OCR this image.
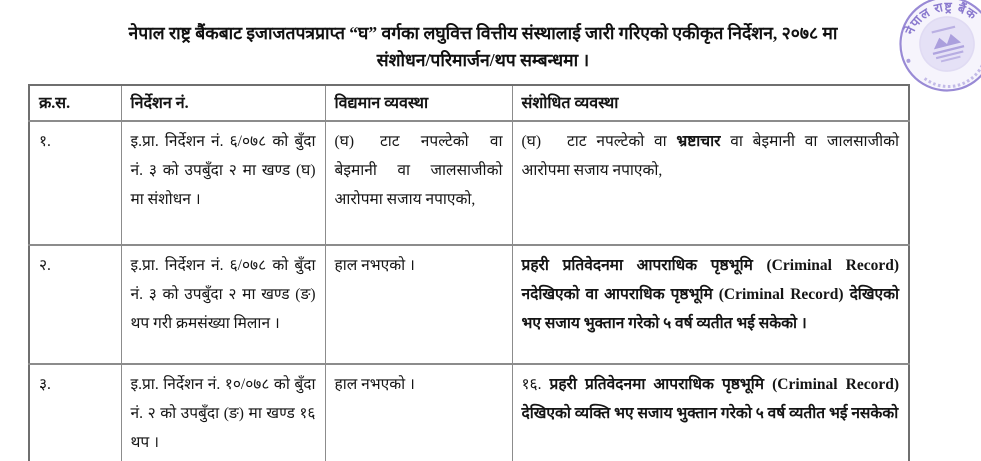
नेपाल राष्ट्र बैंकबाट इजाजतपत्रप्राप्त “घ” वर्गका लघुवित्त वित्तीय संस्थालाई जारी गरिएको एकीकृत निर्देशन, २०७८ मा
संशोधन/परिमार्जन/थप सम्बन्धमा ।
नेपाल राष्ट्र बैंक
क्र.स.	निर्देशन नं.	विद्यमान व्यवस्था	संशोधित व्यवस्था
१.	इ.प्रा. निर्देशन नं. ६/०७८ को बुँदा नं. ३ को उपबुँदा २ मा खण्ड (घ) मा संशोधन ।	(घ) टाट नपल्टेको वा बेइमानी वा जालसाजीको आरोपमा सजाय नपाएको,	(घ) टाट नपल्टेको वा भ्रष्टाचार वा बेइमानी वा जालसाजीको आरोपमा सजाय नपाएको,
२.	इ.प्रा. निर्देशन नं. ६/०७८ को बुँदा नं. ३ को उपबुँदा २ मा खण्ड (ङ) थप गरी क्रमसंख्या मिलान ।	हाल नभएको ।	प्रहरी प्रतिवेदनमा आपराधिक पृष्ठभूमि (Criminal Record) नदेखिएको वा आपराधिक पृष्ठभूमि (Criminal Record) देखिएको भए सजाय भुक्तान गरेको ५ वर्ष व्यतीत भई सकेको ।
३.	इ.प्रा. निर्देशन नं. १०/०७८ को बुँदा नं. २ को उपबुँदा (ङ) मा खण्ड १६ थप ।	हाल नभएको ।	१६. प्रहरी प्रतिवेदनमा आपराधिक पृष्ठभूमि (Criminal Record) देखिएको व्यक्ति भए सजाय भुक्तान गरेको ५ वर्ष व्यतीत भई नसकेको
